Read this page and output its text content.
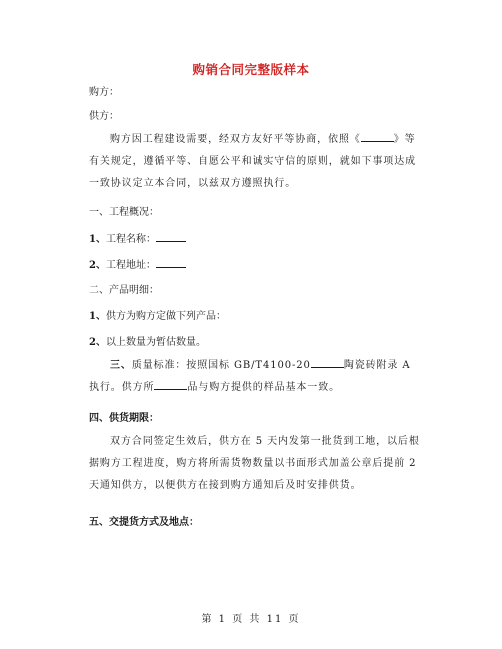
购销合同完整版样本
购方：
供方：
购方因工程建设需要，经双方友好平等协商，依照《	》等有关规定，遵循平等、自愿公平和诚实守信的原则，就如下事项达成一致协议定立本合同，以兹双方遵照执行。
一、工程概况：
1、工程名称：
2、工程地址：
二、产品明细：
1、供方为购方定做下列产品：
2、以上数量为暂估数量。
三、质量标准：按照国标 GB/T4100-20	陶瓷砖附录 A 执行。供方所	品与购方提供的样品基本一致。
四、供货期限：
双方合同签定生效后，供方在 5 天内发第一批货到工地，以后根据购方工程进度，购方将所需货物数量以书面形式加盖公章后提前 2 天通知供方，以便供方在接到购方通知后及时安排供货。
五、交提货方式及地点：
第 1 页 共 11 页
